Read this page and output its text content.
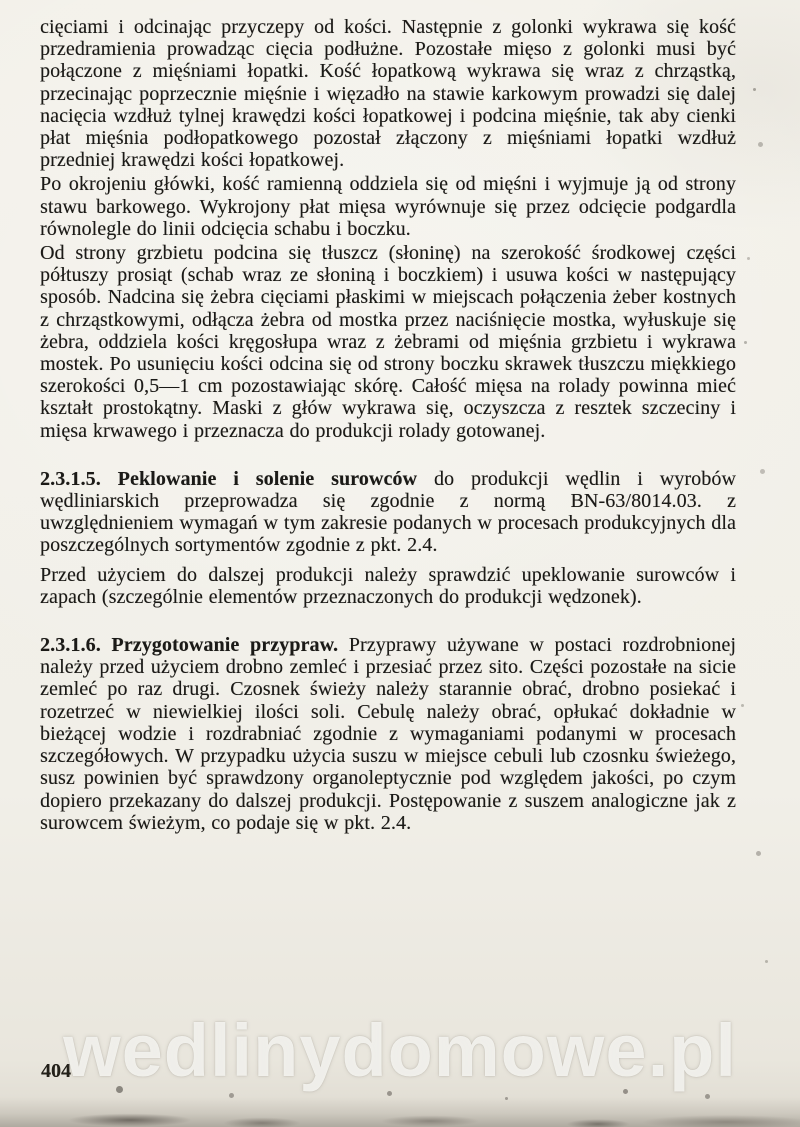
cięciami i odcinając przyczepy od kości. Następnie z golonki wykrawa się kość przedramienia prowadząc cięcia podłużne. Pozostałe mięso z golonki musi być połączone z mięśniami łopatki. Kość łopatkową wykrawa się wraz z chrząstką, przecinając poprzecznie mięśnie i więzadło na stawie karkowym prowadzi się dalej nacięcia wzdłuż tylnej krawędzi kości łopatkowej i podcina mięśnie, tak aby cienki płat mięśnia podłopatkowego pozostał złączony z mięśniami łopatki wzdłuż przedniej krawędzi kości łopatkowej.

Po okrojeniu główki, kość ramienną oddziela się od mięśni i wyjmuje ją od strony stawu barkowego. Wykrojony płat mięsa wyrównuje się przez odcięcie podgardla równolegle do linii odcięcia schabu i boczku.

Od strony grzbietu podcina się tłuszcz (słoninę) na szerokość środkowej części półtuszy prosiąt (schab wraz ze słoniną i boczkiem) i usuwa kości w następujący sposób. Nadcina się żebra cięciami płaskimi w miejscach połączenia żeber kostnych z chrząstkowymi, odłącza żebra od mostka przez naciśnięcie mostka, wyłuskuje się żebra, oddziela kości kręgosłupa wraz z żebrami od mięśnia grzbietu i wykrawa mostek. Po usunięciu kości odcina się od strony boczku skrawek tłuszczu miękkiego szerokości 0,5—1 cm pozostawiając skórę. Całość mięsa na rolady powinna mieć kształt prostokątny. Maski z głów wykrawa się, oczyszcza z resztek szczeciny i mięsa krwawego i przeznacza do produkcji rolady gotowanej.

2.3.1.5. Peklowanie i solenie surowców do produkcji wędlin i wyrobów wędliniarskich przeprowadza się zgodnie z normą BN-63/8014.03. z uwzględnieniem wymagań w tym zakresie podanych w procesach produkcyjnych dla poszczególnych sortymentów zgodnie z pkt. 2.4.

Przed użyciem do dalszej produkcji należy sprawdzić upeklowanie surowców i zapach (szczególnie elementów przeznaczonych do produkcji wędzonek).

2.3.1.6. Przygotowanie przypraw. Przyprawy używane w postaci rozdrobnionej należy przed użyciem drobno zemleć i przesiać przez sito. Części pozostałe na sicie zemleć po raz drugi. Czosnek świeży należy starannie obrać, drobno posiekać i rozetrzeć w niewielkiej ilości soli. Cebulę należy obrać, opłukać dokładnie w bieżącej wodzie i rozdrabniać zgodnie z wymaganiami podanymi w procesach szczegółowych. W przypadku użycia suszu w miejsce cebuli lub czosnku świeżego, susz powinien być sprawdzony organoleptycznie pod względem jakości, po czym dopiero przekazany do dalszej produkcji. Postępowanie z suszem analogiczne jak z surowcem świeżym, co podaje się w pkt. 2.4.

wedlinydomowe.pl
404
